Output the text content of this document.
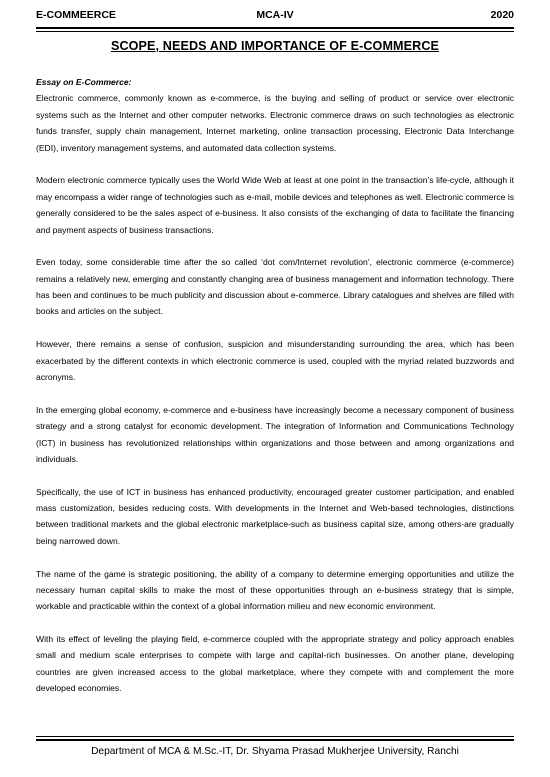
E-COMMEERCE	MCA-IV	2020
SCOPE, NEEDS AND IMPORTANCE OF E-COMMERCE

Essay on E-Commerce:

Electronic commerce, commonly known as e-commerce, is the buying and selling of product or service over electronic systems such as the Internet and other computer networks. Electronic commerce draws on such technologies as electronic funds transfer, supply chain management, Internet marketing, online transaction processing, Electronic Data Interchange (EDI), inventory management systems, and automated data collection systems.

Modern electronic commerce typically uses the World Wide Web at least at one point in the transaction’s life-cycle, although it may encompass a wider range of technologies such as e-mail, mobile devices and telephones as well. Electronic commerce is generally considered to be the sales aspect of e-business. It also consists of the exchanging of data to facilitate the financing and payment aspects of business transactions.

Even today, some considerable time after the so called ‘dot com/Internet revolution’, electronic commerce (e-commerce) remains a relatively new, emerging and constantly changing area of business management and information technology. There has been and continues to be much publicity and discussion about e-commerce. Library catalogues and shelves are filled with books and articles on the subject.

However, there remains a sense of confusion, suspicion and misunderstanding surrounding the area, which has been exacerbated by the different contexts in which electronic commerce is used, coupled with the myriad related buzzwords and acronyms.

In the emerging global economy, e-commerce and e-business have increasingly become a necessary component of business strategy and a strong catalyst for economic development. The integration of Information and Communications Technology (ICT) in business has revolutionized relationships within organizations and those between and among organizations and individuals.

Specifically, the use of ICT in business has enhanced productivity, encouraged greater customer participation, and enabled mass customization, besides reducing costs. With developments in the Internet and Web-based technologies, distinctions between traditional markets and the global electronic marketplace-such as business capital size, among others-are gradually being narrowed down.

The name of the game is strategic positioning, the ability of a company to determine emerging opportunities and utilize the necessary human capital skills to make the most of these opportunities through an e-business strategy that is simple, workable and practicable within the context of a global information milieu and new economic environment.

With its effect of leveling the playing field, e-commerce coupled with the appropriate strategy and policy approach enables small and medium scale enterprises to compete with large and capital-rich businesses. On another plane, developing countries are given increased access to the global marketplace, where they compete with and complement the more developed economies.

Department of MCA & M.Sc.-IT, Dr. Shyama Prasad Mukherjee University, Ranchi
